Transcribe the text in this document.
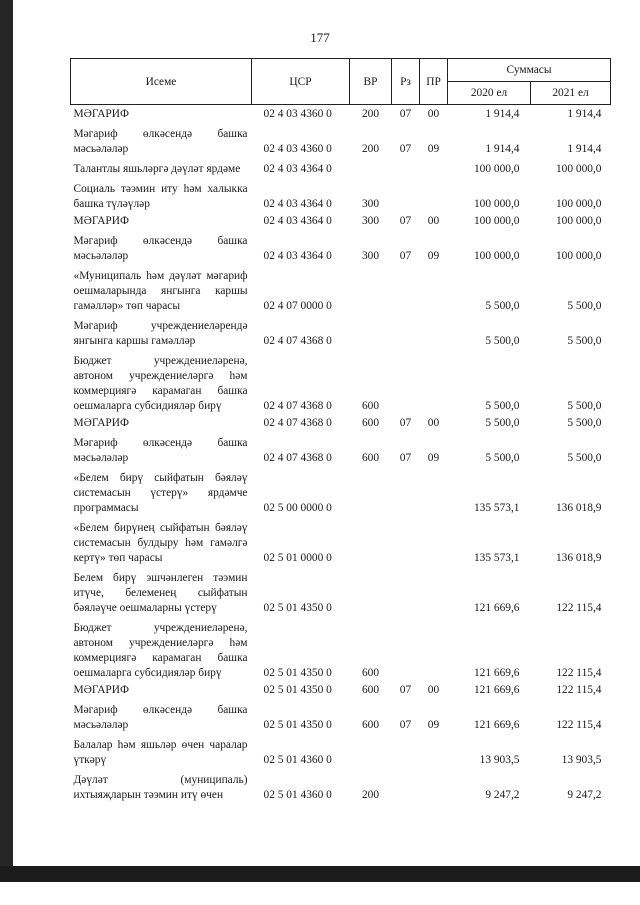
177
Исеме	ЦСР	ВР	Рз	ПР	Суммасы	
					2020 ел	2021 ел
МӘГАРИФ	02 4 03 4360 0	200	07	00	1 914,4	1 914,4
Мәгариф өлкәсендә башка мәсьәләләр	02 4 03 4360 0	200	07	09	1 914,4	1 914,4
Талантлы яшьләргә дәүләт ярдәме	02 4 03 4364 0				100 000,0	100 000,0
Социаль тәэмин иту һәм халыкка башка түләүләр	02 4 03 4364 0	300			100 000,0	100 000,0
МӘГАРИФ	02 4 03 4364 0	300	07	00	100 000,0	100 000,0
Мәгариф өлкәсендә башка мәсьәләләр	02 4 03 4364 0	300	07	09	100 000,0	100 000,0
«Муниципаль һәм дәүләт мәгариф оешмаларында янгынга каршы гамәлләр» төп чарасы	02 4 07 0000 0				5 500,0	5 500,0
Мәгариф учреждениеләрендә янгынга каршы гамәлләр	02 4 07 4368 0				5 500,0	5 500,0
Бюджет учреждениеләренә, автоном учреждениеләргә һәм коммерциягә карамаган башка оешмаларга субсидияләр бирү	02 4 07 4368 0	600			5 500,0	5 500,0
МӘГАРИФ	02 4 07 4368 0	600	07	00	5 500,0	5 500,0
Мәгариф өлкәсендә башка мәсьәләләр	02 4 07 4368 0	600	07	09	5 500,0	5 500,0
«Белем бирү сыйфатын бәяләү системасын үстерү» ярдәмче программасы	02 5 00 0000 0				135 573,1	136 018,9
«Белем бирүнең сыйфатын бәяләү системасын булдыру һәм гамәлгә кертү» төп чарасы	02 5 01 0000 0				135 573,1	136 018,9
Белем бирү эшчәнлеген тәэмин итүче, белеменең сыйфатын бәяләүче оешмаларны үстерү	02 5 01 4350 0				121 669,6	122 115,4
Бюджет учреждениеләренә, автоном учреждениеләргә һәм коммерциягә карамаган башка оешмаларга субсидияләр бирү	02 5 01 4350 0	600			121 669,6	122 115,4
МӘГАРИФ	02 5 01 4350 0	600	07	00	121 669,6	122 115,4
Мәгариф өлкәсендә башка мәсьәләләр	02 5 01 4350 0	600	07	09	121 669,6	122 115,4
Балалар һәм яшьләр өчен чаралар үткәрү	02 5 01 4360 0				13 903,5	13 903,5
Дәүләт (муниципаль) ихтыяҗларын тәэмин итү өчен	02 5 01 4360 0	200			9 247,2	9 247,2
